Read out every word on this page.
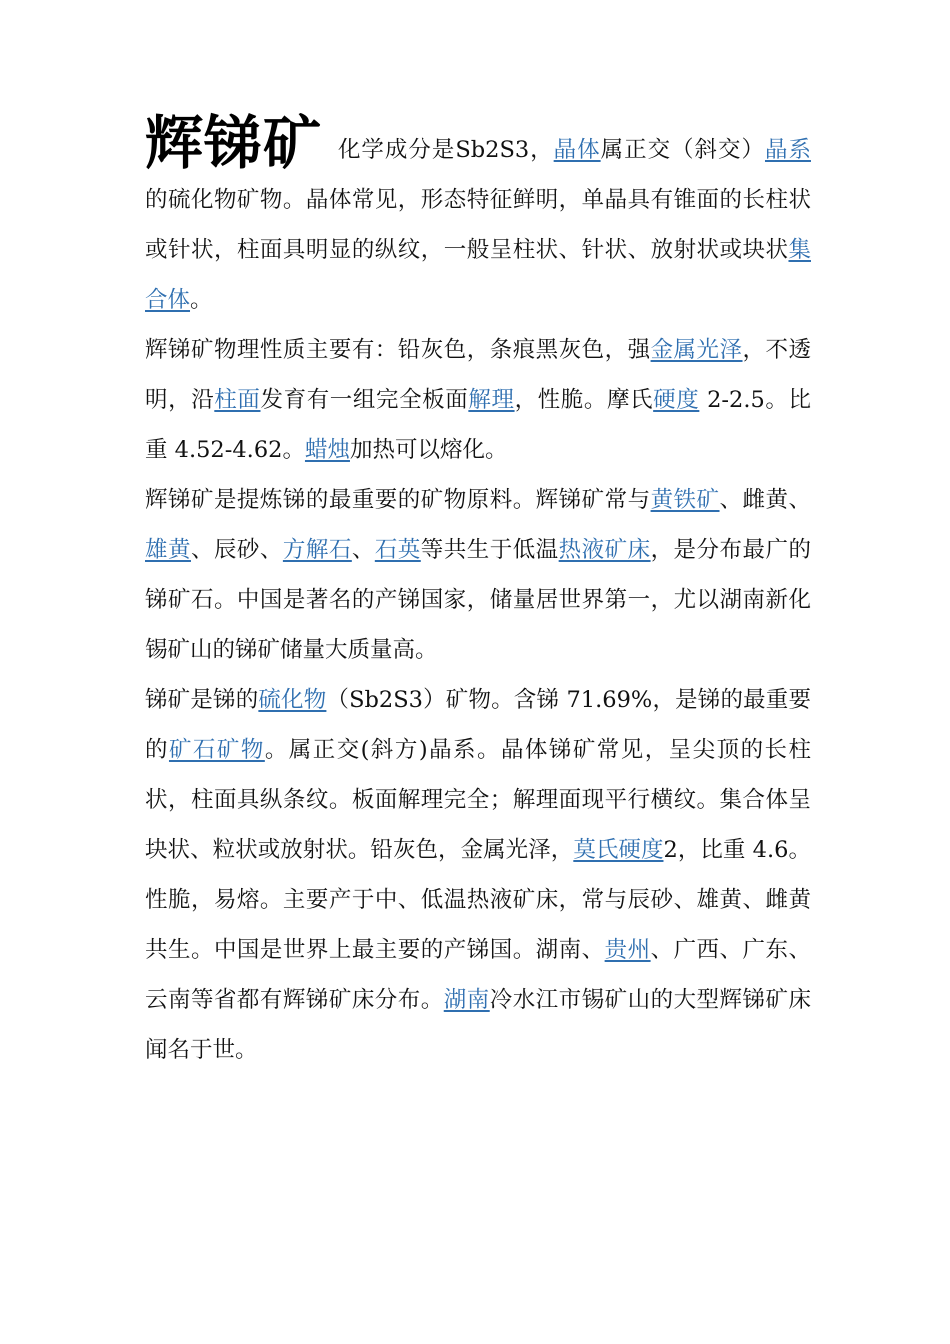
辉锑矿 化学成分是Sb2S3，晶体属正交（斜交）晶系的硫化物矿物。晶体常见，形态特征鲜明，单晶具有锥面的长柱状或针状，柱面具明显的纵纹，一般呈柱状、针状、放射状或块状集合体。

辉锑矿物理性质主要有：铅灰色，条痕黑灰色，强金属光泽，不透明，沿柱面发育有一组完全板面解理，性脆。摩氏硬度 2-2.5。比重 4.52-4.62。蜡烛加热可以熔化。

辉锑矿是提炼锑的最重要的矿物原料。辉锑矿常与黄铁矿、雌黄、雄黄、辰砂、方解石、石英等共生于低温热液矿床，是分布最广的锑矿石。中国是著名的产锑国家，储量居世界第一，尤以湖南新化锡矿山的锑矿储量大质量高。

锑矿是锑的硫化物（Sb2S3）矿物。含锑 71.69%，是锑的最重要的矿石矿物。属正交(斜方)晶系。晶体锑矿常见，呈尖顶的长柱状，柱面具纵条纹。板面解理完全；解理面现平行横纹。集合体呈块状、粒状或放射状。铅灰色，金属光泽，莫氏硬度2，比重 4.6。性脆，易熔。主要产于中、低温热液矿床，常与辰砂、雄黄、雌黄共生。中国是世界上最主要的产锑国。湖南、贵州、广西、广东、云南等省都有辉锑矿床分布。湖南冷水江市锡矿山的大型辉锑矿床闻名于世。
